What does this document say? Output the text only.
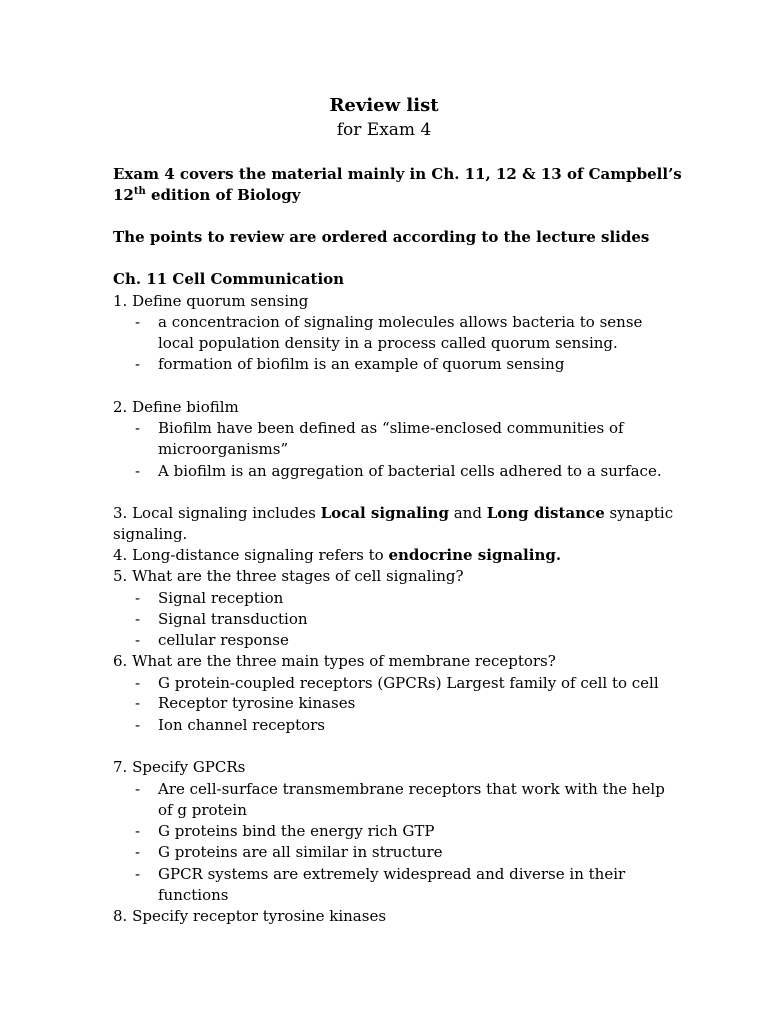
Review list
for Exam 4
Exam 4 covers the material mainly in Ch. 11, 12 & 13 of Campbell’s
12th edition of Biology
The points to review are ordered according to the lecture slides
Ch. 11 Cell Communication
1. Define quorum sensing
- a concentracion of signaling molecules allows bacteria to sense
local population density in a process called quorum sensing.
- formation of biofilm is an example of quorum sensing
2. Define biofilm
- Biofilm have been defined as “slime-enclosed communities of
microorganisms”
- A biofilm is an aggregation of bacterial cells adhered to a surface.
3. Local signaling includes Local signaling and Long distance synaptic
signaling.
4. Long-distance signaling refers to endocrine signaling.
5. What are the three stages of cell signaling?
- Signal reception
- Signal transduction
- cellular response
6. What are the three main types of membrane receptors?
- G protein-coupled receptors (GPCRs) Largest family of cell to cell
- Receptor tyrosine kinases
- Ion channel receptors
7. Specify GPCRs
- Are cell-surface transmembrane receptors that work with the help
of g protein
- G proteins bind the energy rich GTP
- G proteins are all similar in structure
- GPCR systems are extremely widespread and diverse in their
functions
8. Specify receptor tyrosine kinases
